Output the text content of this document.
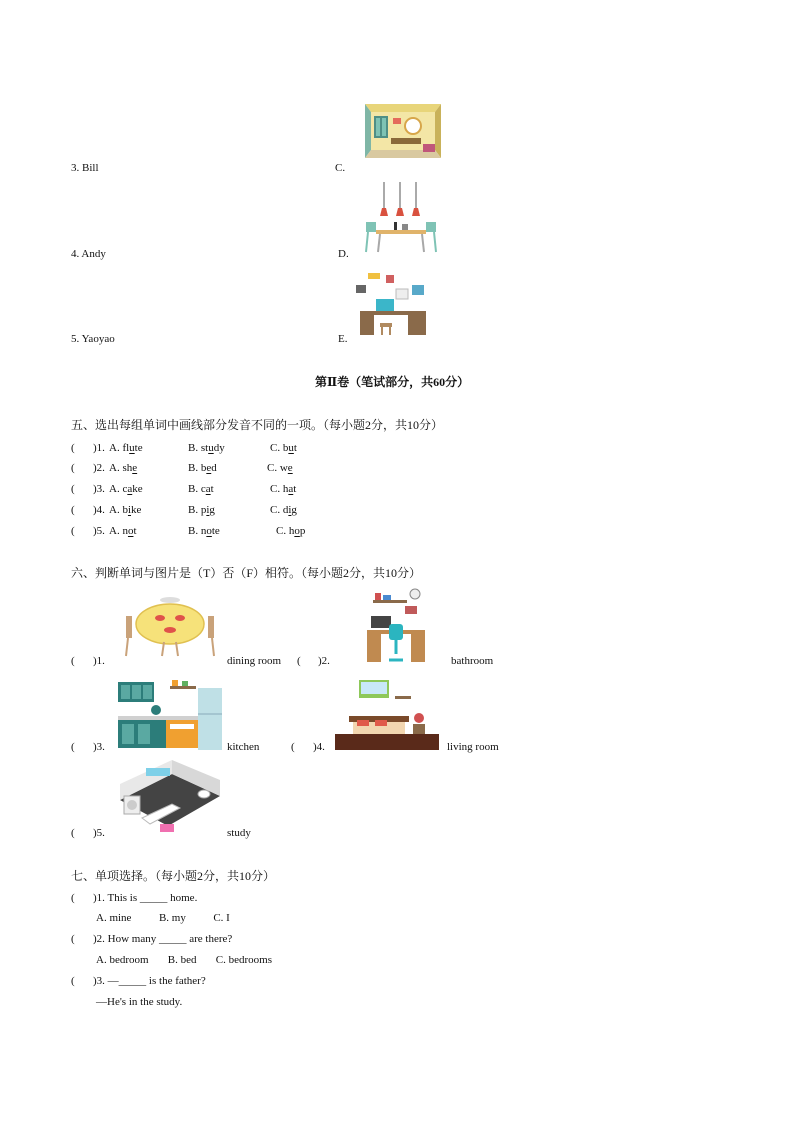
3. Bill	C.
4. Andy	D.
5. Yaoyao	E.
第Ⅱ卷（笔试部分，共60分）
五、选出每组单词中画线部分发音不同的一项。（每小题2分，共10分）
( )1. A. flute	B. study	C. but
( )2. A. she	B. bed	C. we
( )3. A. cake	B. cat	C. hat
( )4. A. bike	B. pig	C. dig
( )5. A. not	B. note	C. hop
六、判断单词与图片是（T）否（F）相符。（每小题2分，共10分）
( )1.	dining room ( )2.	bathroom
( )3.	kitchen	( )4.	living room
( )5.	study
七、单项选择。（每小题2分，共10分）
( )1. This is _____ home.
A. mine          B. my          C. I
( )2. How many _____ are there?
A. bedroom       B. bed       C. bedrooms
( )3. —_____ is the father?
—He's in the study.
